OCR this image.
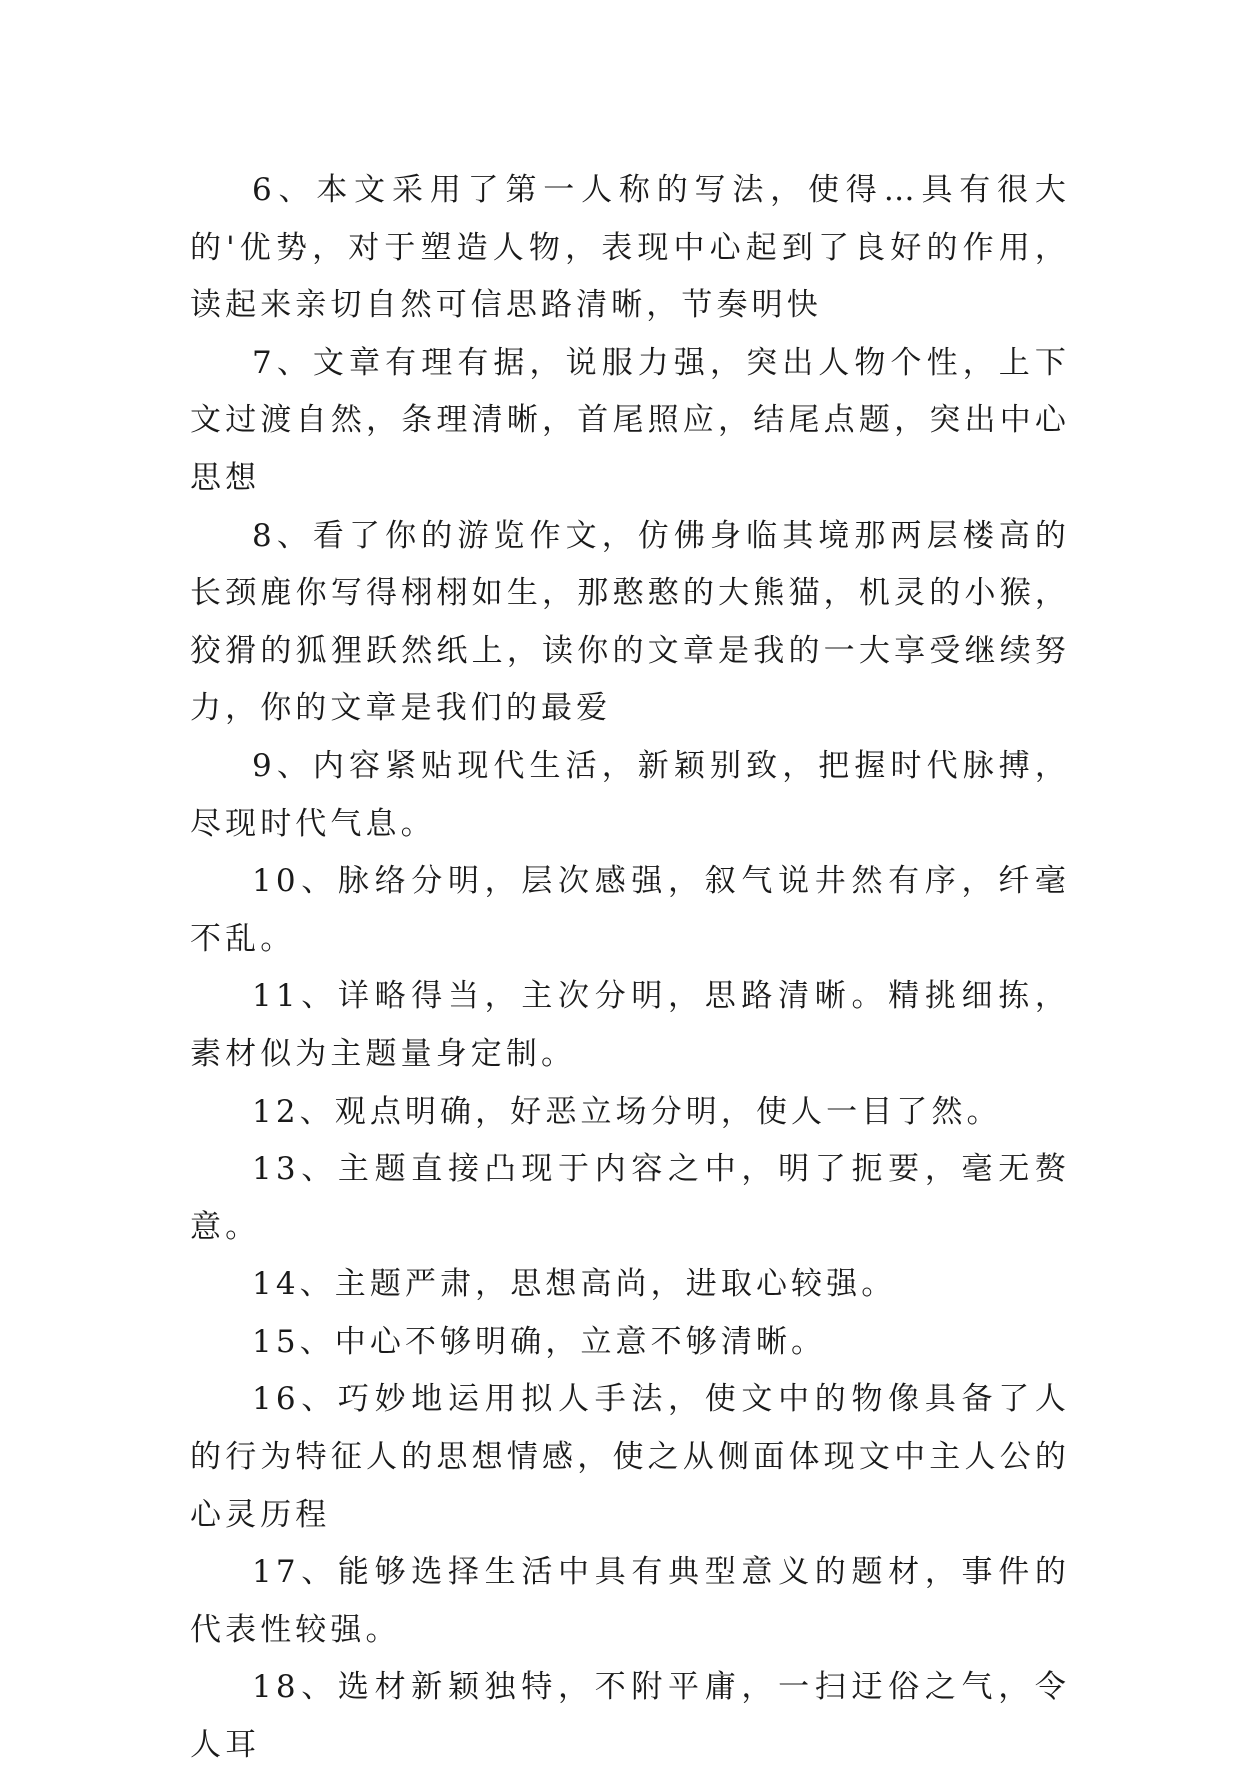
6、本文采用了第一人称的写法，使得…具有很大的'优势，对于塑造人物，表现中心起到了良好的作用，读起来亲切自然可信思路清晰，节奏明快

7、文章有理有据，说服力强，突出人物个性，上下文过渡自然，条理清晰，首尾照应，结尾点题，突出中心思想

8、看了你的游览作文，仿佛身临其境那两层楼高的长颈鹿你写得栩栩如生，那憨憨的大熊猫，机灵的小猴，狡猾的狐狸跃然纸上，读你的文章是我的一大享受继续努力，你的文章是我们的最爱

9、内容紧贴现代生活，新颖别致，把握时代脉搏，尽现时代气息。

10、脉络分明，层次感强，叙气说井然有序，纤毫不乱。

11、详略得当，主次分明，思路清晰。精挑细拣，素材似为主题量身定制。

12、观点明确，好恶立场分明，使人一目了然。

13、主题直接凸现于内容之中，明了扼要，毫无赘意。

14、主题严肃，思想高尚，进取心较强。

15、中心不够明确，立意不够清晰。

16、巧妙地运用拟人手法，使文中的物像具备了人的行为特征人的思想情感，使之从侧面体现文中主人公的心灵历程

17、能够选择生活中具有典型意义的题材，事件的代表性较强。

18、选材新颖独特，不附平庸，一扫迂俗之气，令人耳
